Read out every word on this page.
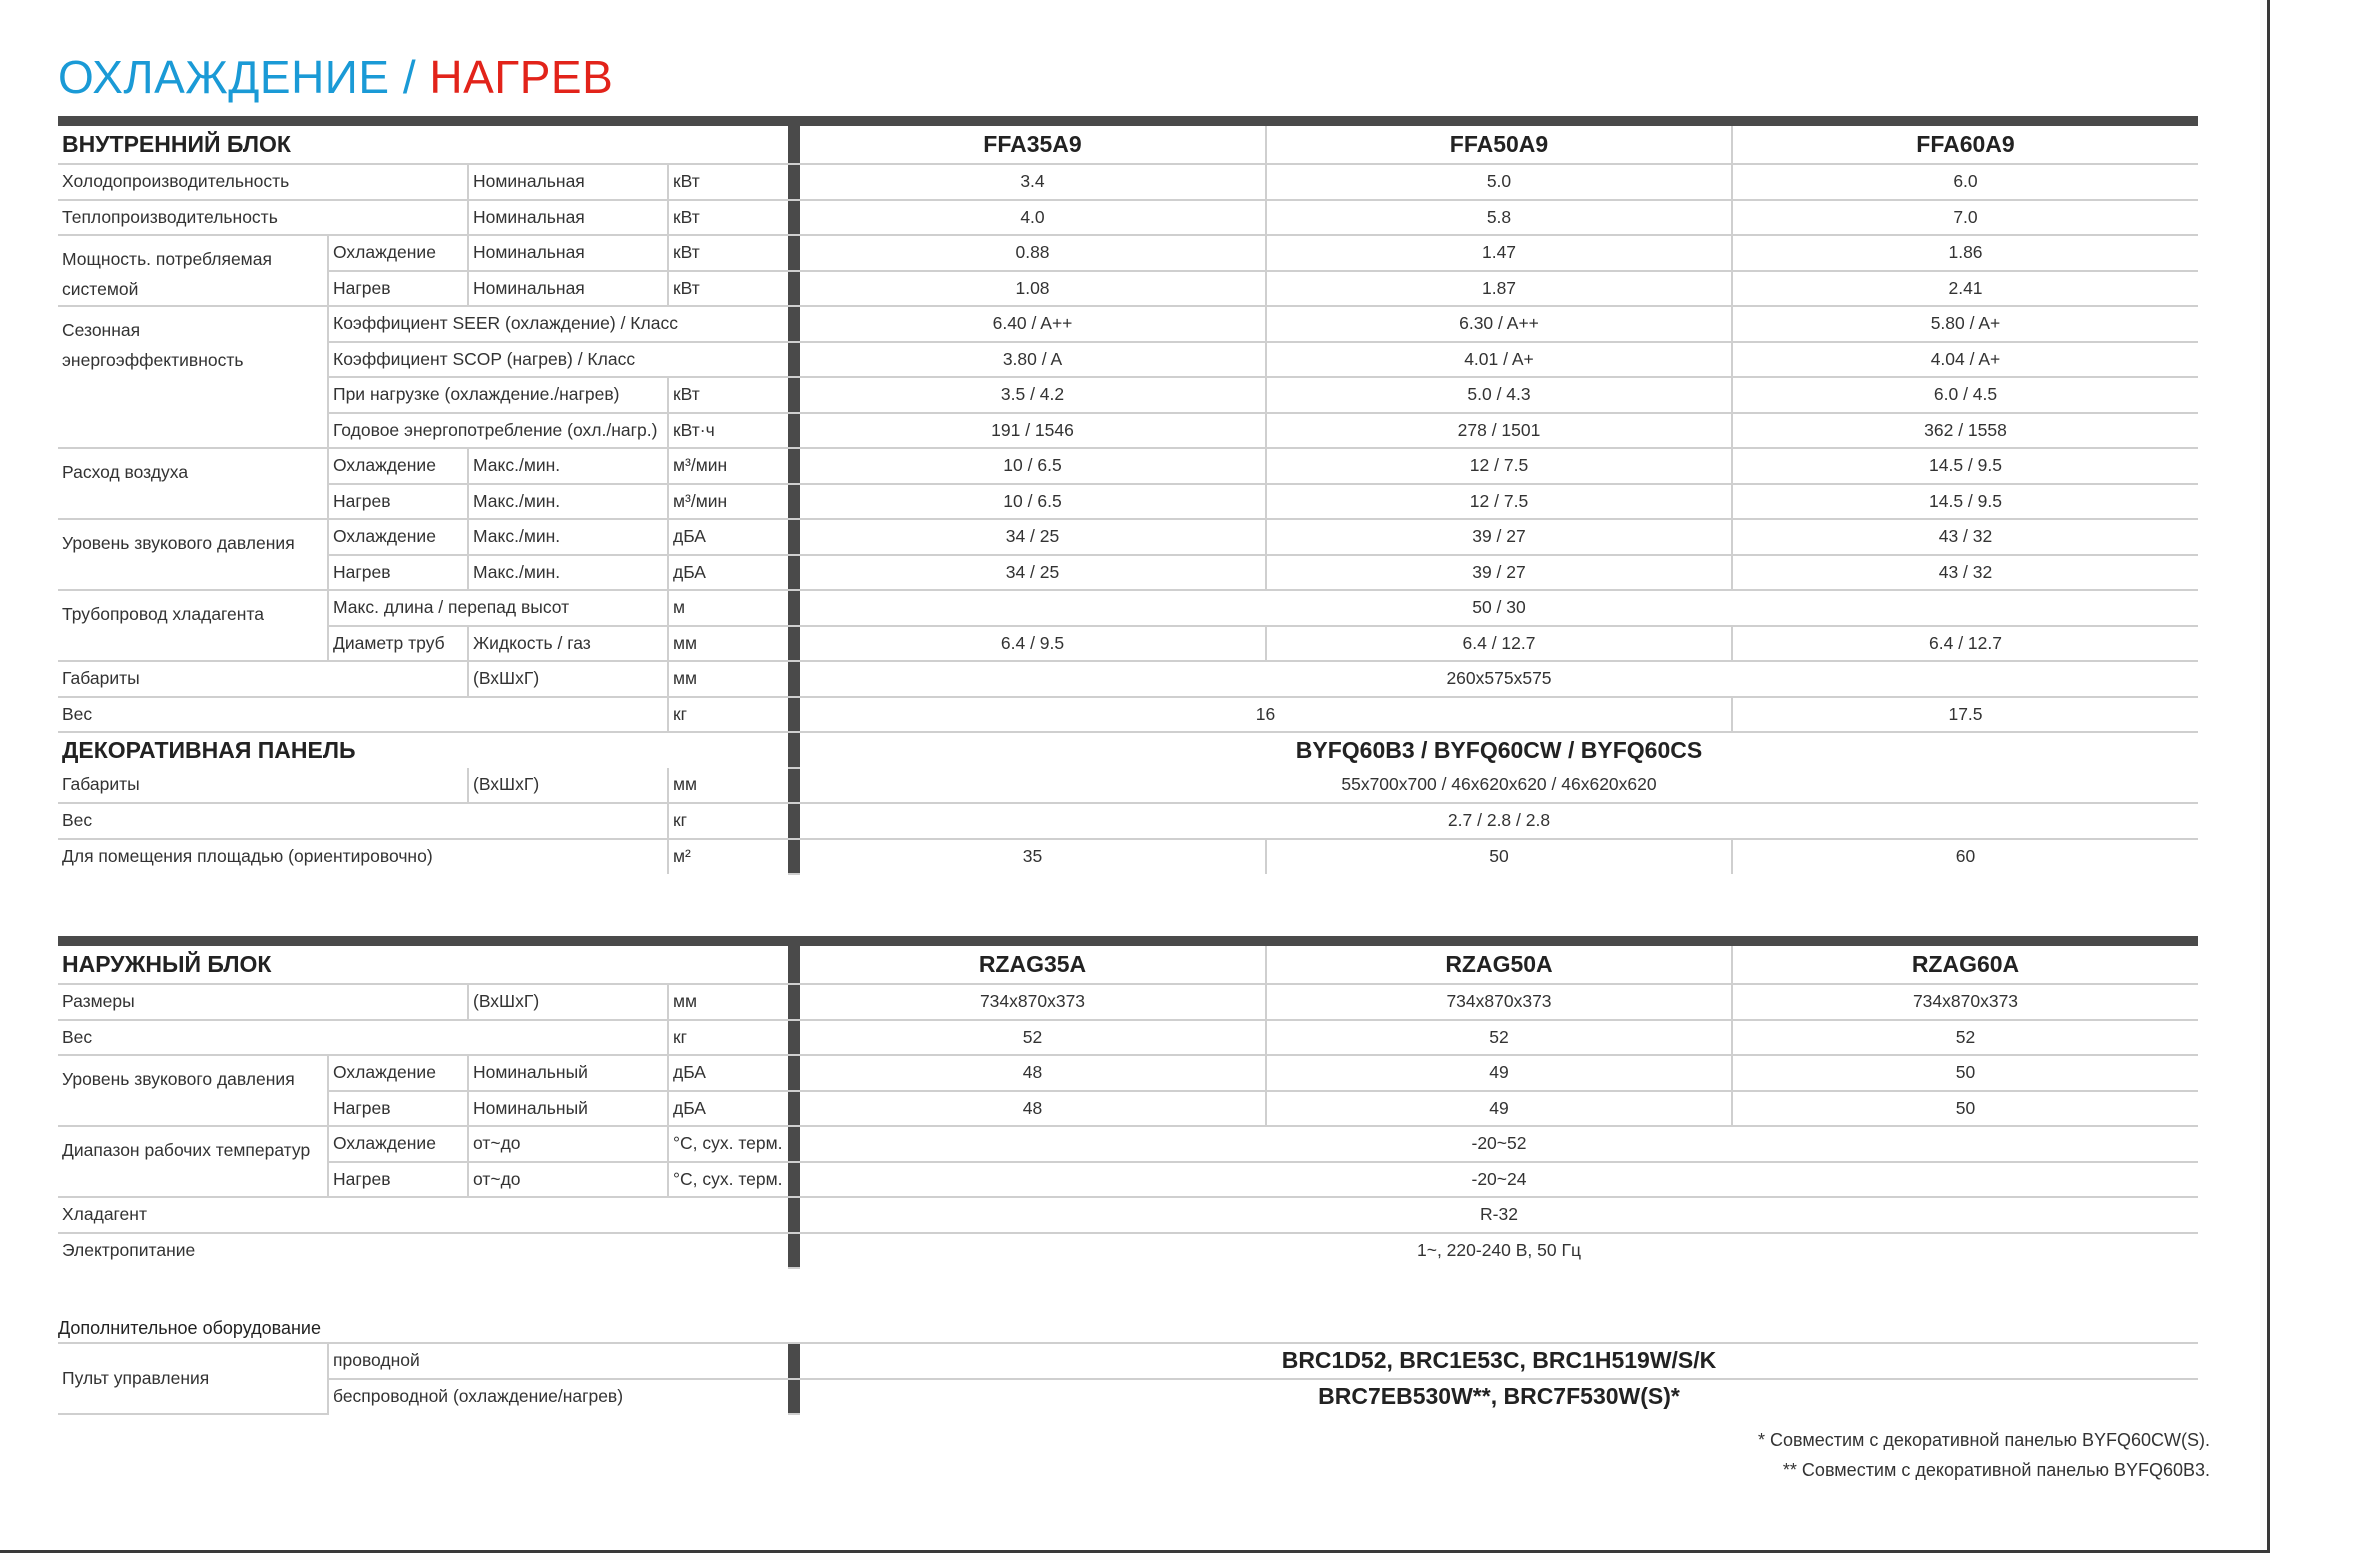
ОХЛАЖДЕНИЕ / НАГРЕВ

ВНУТРЕННИЙ БЛОК					FFA35A9	FFA50A9	FFA60A9
Холодопроизводительность		Номинальная	кВт		3.4	5.0	6.0
Теплопроизводительность		Номинальная	кВт		4.0	5.8	7.0
Мощность. потребляемая системой	Охлаждение	Номинальная	кВт		0.88	1.47	1.86
	Нагрев	Номинальная	кВт		1.08	1.87	2.41
Сезонная энергоэффективность	Коэффициент SEER (охлаждение) / Класс				6.40 / A++	6.30 / A++	5.80 / A+
	Коэффициент SCOP (нагрев) / Класс				3.80 / A	4.01 / A+	4.04 / A+
	При нагрузке (охлаждение./нагрев)		кВт		3.5 / 4.2	5.0 / 4.3	6.0 / 4.5
	Годовое энергопотребление (охл./нагр.)		кВт·ч		191 / 1546	278 / 1501	362 / 1558
Расход воздуха	Охлаждение	Макс./мин.	м³/мин		10 / 6.5	12 / 7.5	14.5 / 9.5
	Нагрев	Макс./мин.	м³/мин		10 / 6.5	12 / 7.5	14.5 / 9.5
Уровень звукового давления	Охлаждение	Макс./мин.	дБА		34 / 25	39 / 27	43 / 32
	Нагрев	Макс./мин.	дБА		34 / 25	39 / 27	43 / 32
Трубопровод хладагента	Макс. длина / перепад высот		м		50 / 30		
	Диаметр труб	Жидкость / газ	мм		6.4 / 9.5	6.4 / 12.7	6.4 / 12.7
Габариты		(ВхШхГ)	мм		260x575x575		
Вес			кг		16		17.5
ДЕКОРАТИВНАЯ ПАНЕЛЬ					BYFQ60B3 / BYFQ60CW / BYFQ60CS		
Габариты		(ВхШхГ)	мм		55x700x700 / 46x620x620 / 46x620x620		
Вес			кг		2.7 / 2.8 / 2.8		
Для помещения площадью (ориентировочно)			м²		35	50	60

НАРУЖНЫЙ БЛОК					RZAG35A	RZAG50A	RZAG60A
Размеры		(ВхШхГ)	мм		734x870x373	734x870x373	734x870x373
Вес			кг		52	52	52
Уровень звукового давления	Охлаждение	Номинальный	дБА		48	49	50
	Нагрев	Номинальный	дБА		48	49	50
Диапазон рабочих температур	Охлаждение	от~до	°C, сух. терм.		-20~52		
	Нагрев	от~до	°C, сух. терм.		-20~24		
Хладагент					R-32		
Электропитание					1~, 220-240 В, 50 Гц		
Дополнительное оборудование
Пульт управления	проводной		BRC1D52, BRC1E53C, BRC1H519W/S/K
	беспроводной (охлаждение/нагрев)		BRC7EB530W**, BRC7F530W(S)*
* Совместим с декоративной панелью BYFQ60CW(S).
** Совместим с декоративной панелью BYFQ60B3.
